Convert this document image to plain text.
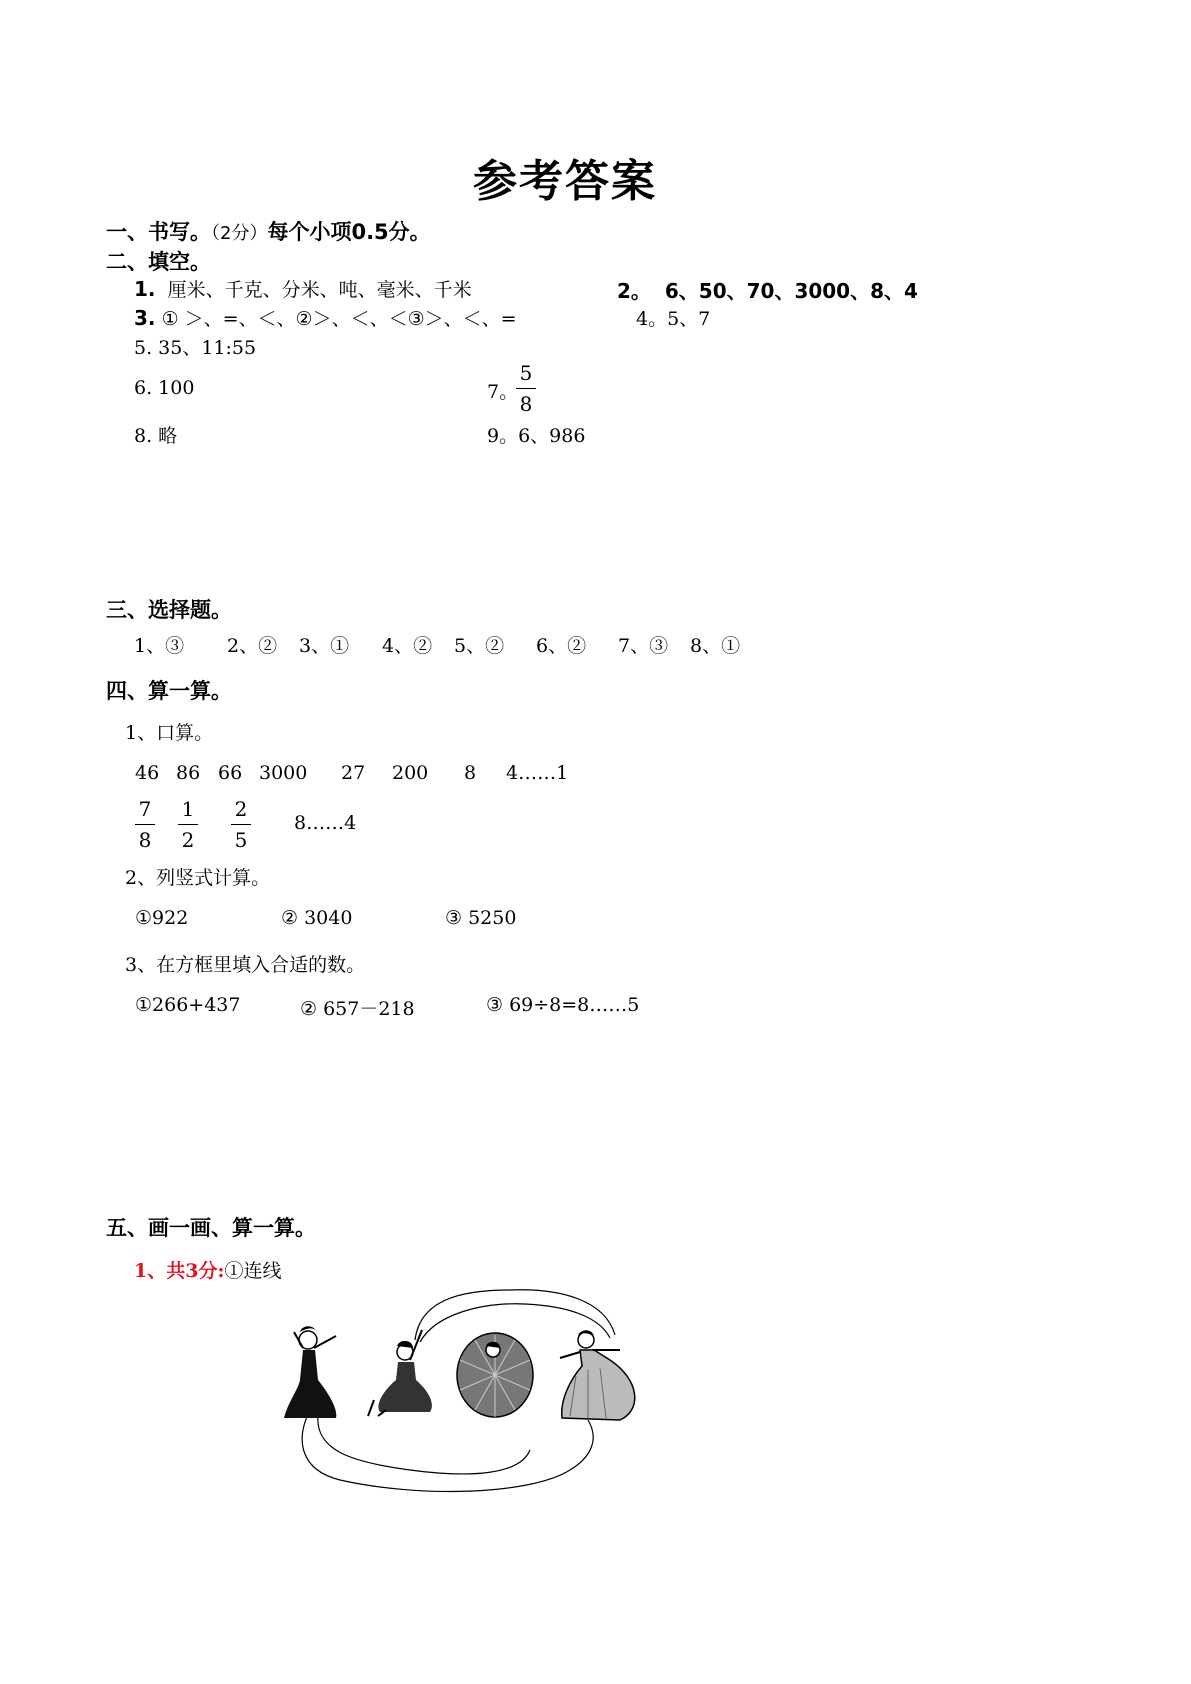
参考答案
一、书写。（2分）每个小项0.5分。
二、填空。
1. 厘米、千克、分米、吨、毫米、千米	2。 6、50、70、3000、8、4
3. ① ＞、=、＜、②＞、＜、＜③＞、＜、=	4。5、7
5. 35、11:55
6. 100	7。
5
8
8. 略	9。6、986
三、选择题。
1、③ 2、② 3、① 4、② 5、② 6、② 7、③ 8、①
四、算一算。
1、口算。
46 86 66 3000 27 200 8 4……1
7
8
1
2
2
5
8……4
2、列竖式计算。
①922	② 3040	③ 5250
3、在方框里填入合适的数。
①266+437	② 657－218	③ 69÷8=8……5
五、画一画、算一算。
1、共3分:①连线
